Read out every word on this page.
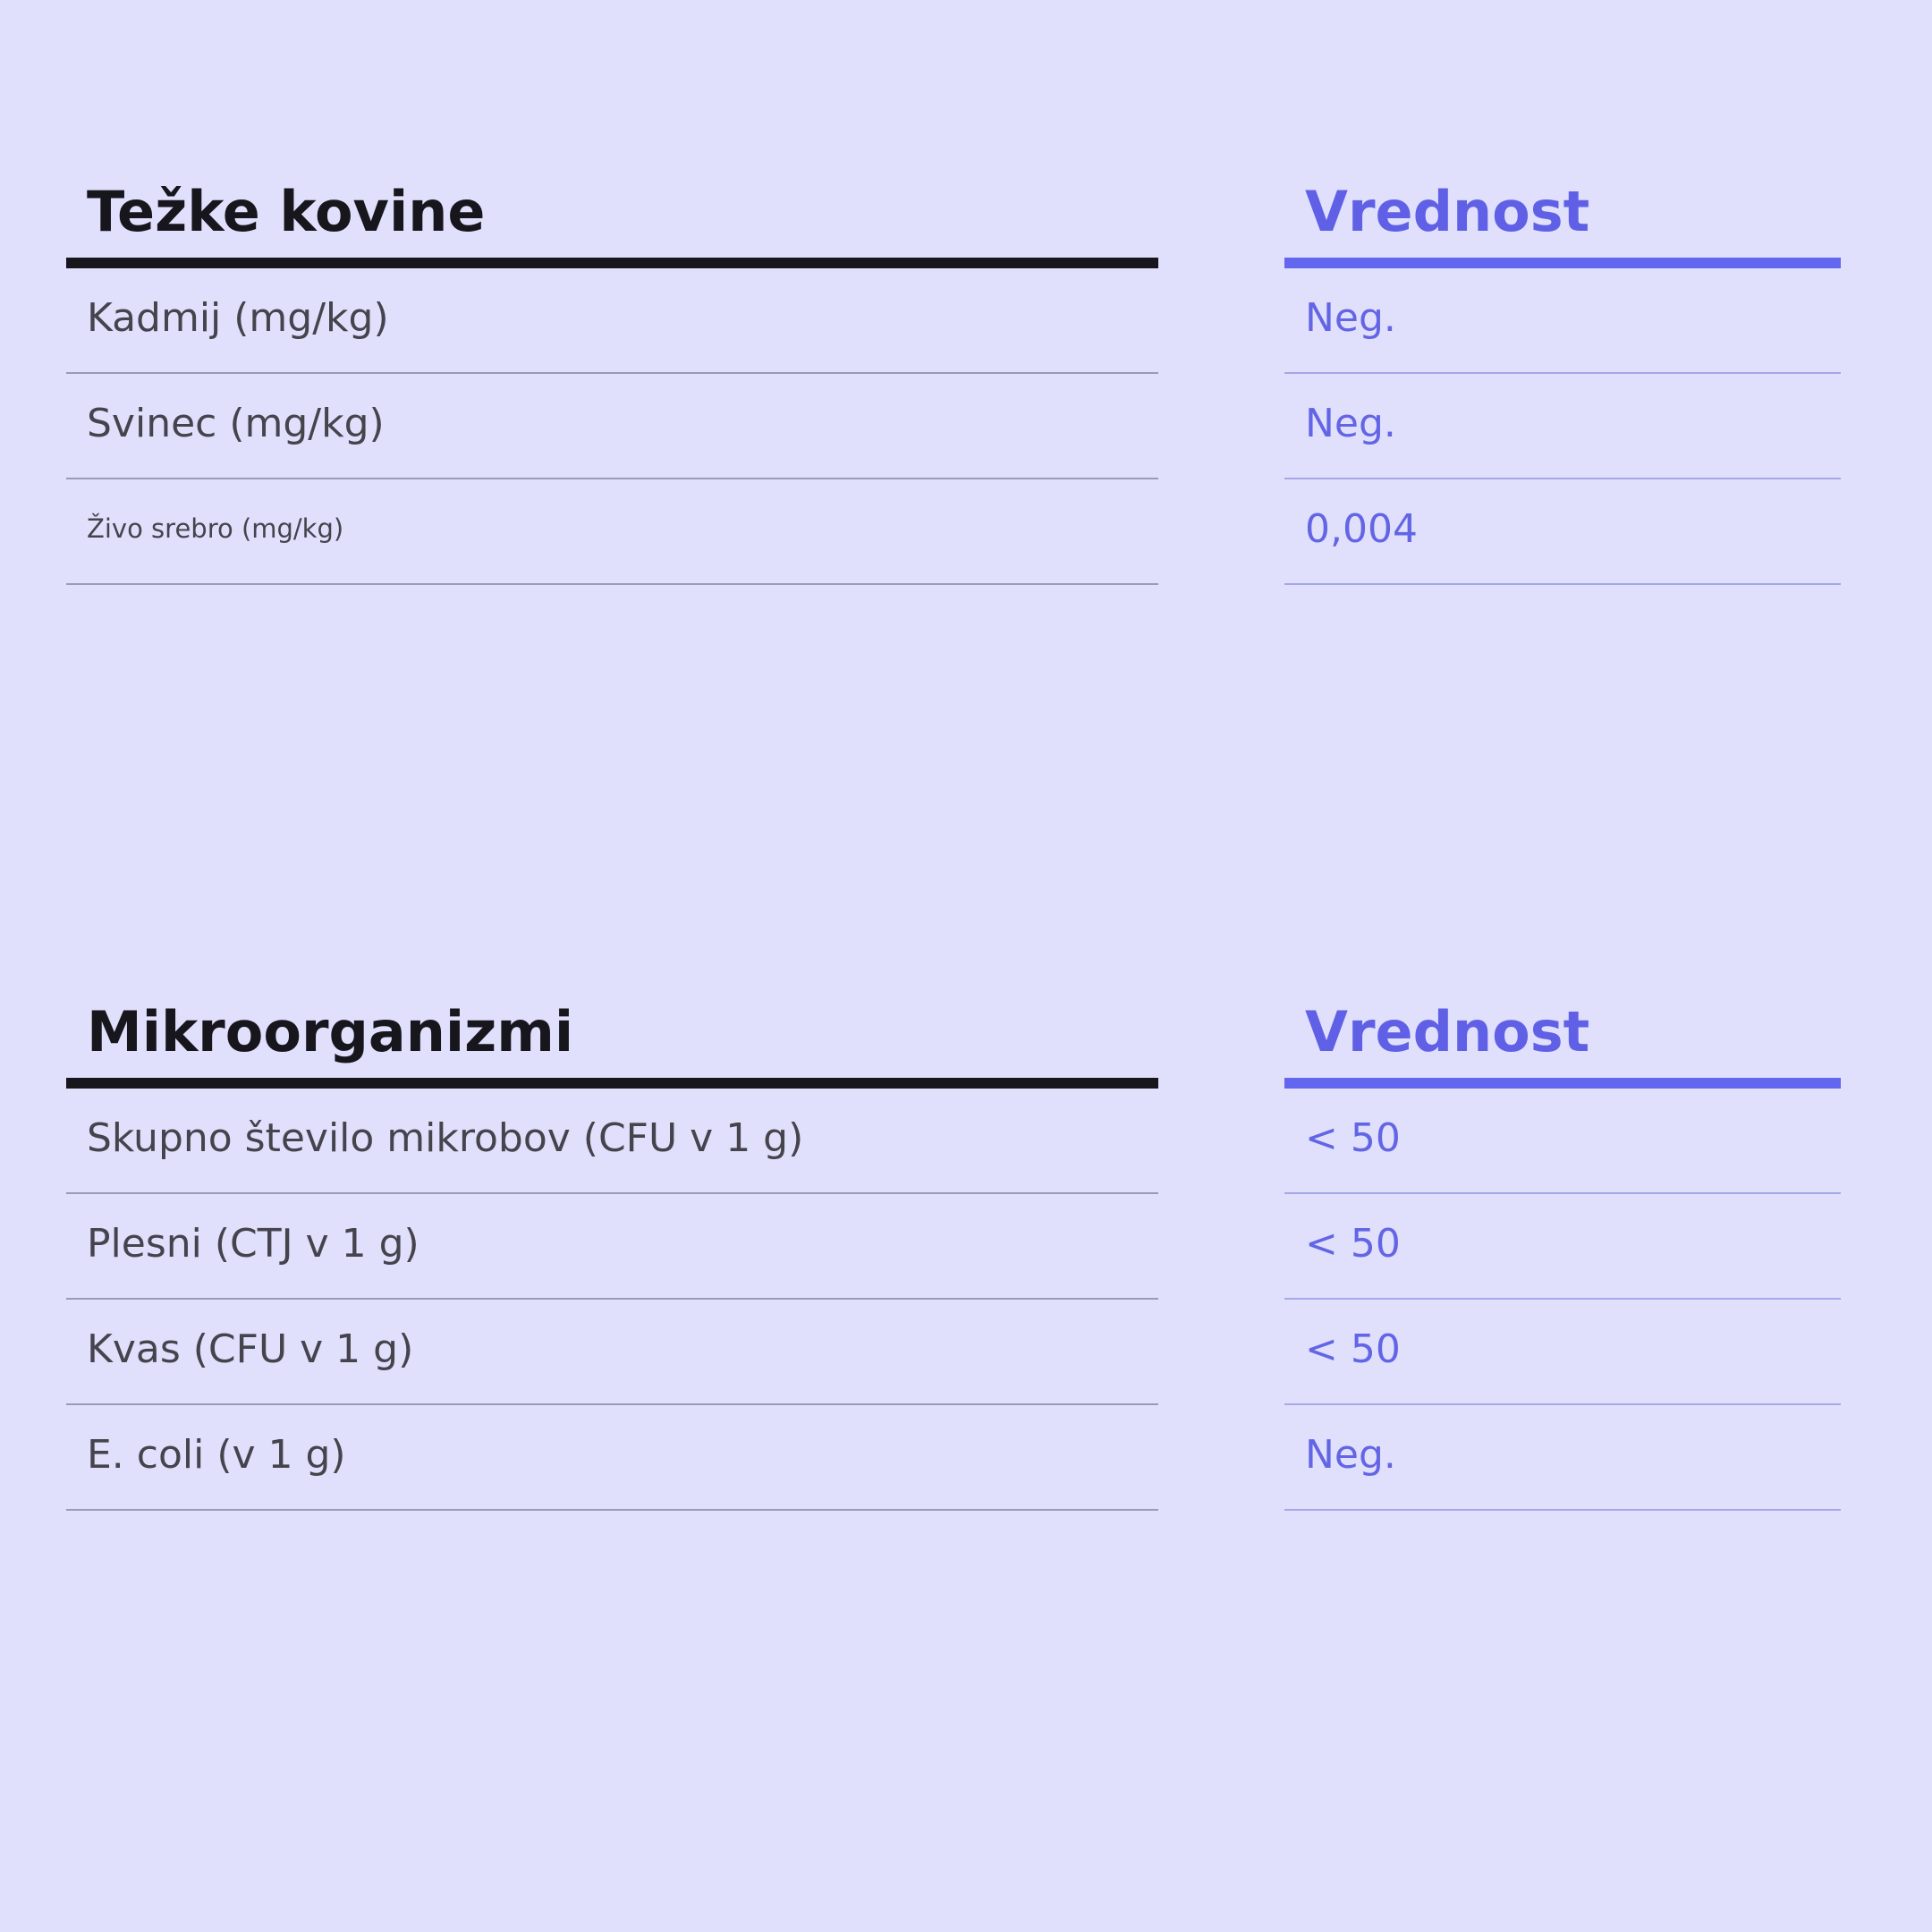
Težke kovine
Kadmij (mg/kg)
Svinec (mg/kg)
Živo srebro (mg/kg)
Vrednost
Neg.
Neg.
0,004
Mikroorganizmi
Skupno število mikrobov (CFU v 1 g)
Plesni (CTJ v 1 g)
Kvas (CFU v 1 g)
E. coli (v 1 g)
Vrednost
< 50
< 50
< 50
Neg.
